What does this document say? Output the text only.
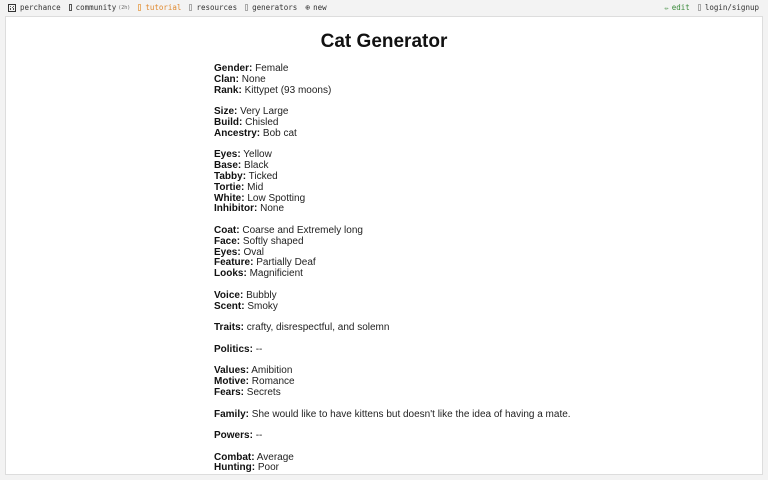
perchance community (2h) tutorial resources generators ⊕ new	✏ edit login/signup
Cat Generator
Gender: Female
Clan: None
Rank: Kittypet (93 moons)
Size: Very Large
Build: Chisled
Ancestry: Bob cat
Eyes: Yellow
Base: Black
Tabby: Ticked
Tortie: Mid
White: Low Spotting
Inhibitor: None
Coat: Coarse and Extremely long
Face: Softly shaped
Eyes: Oval
Feature: Partially Deaf
Looks: Magnificient
Voice: Bubbly
Scent: Smoky
Traits: crafty, disrespectful, and solemn
Politics: --
Values: Amibition
Motive: Romance
Fears: Secrets
Family: She would like to have kittens but doesn't like the idea of having a mate.
Powers: --
Combat: Average
Hunting: Poor
